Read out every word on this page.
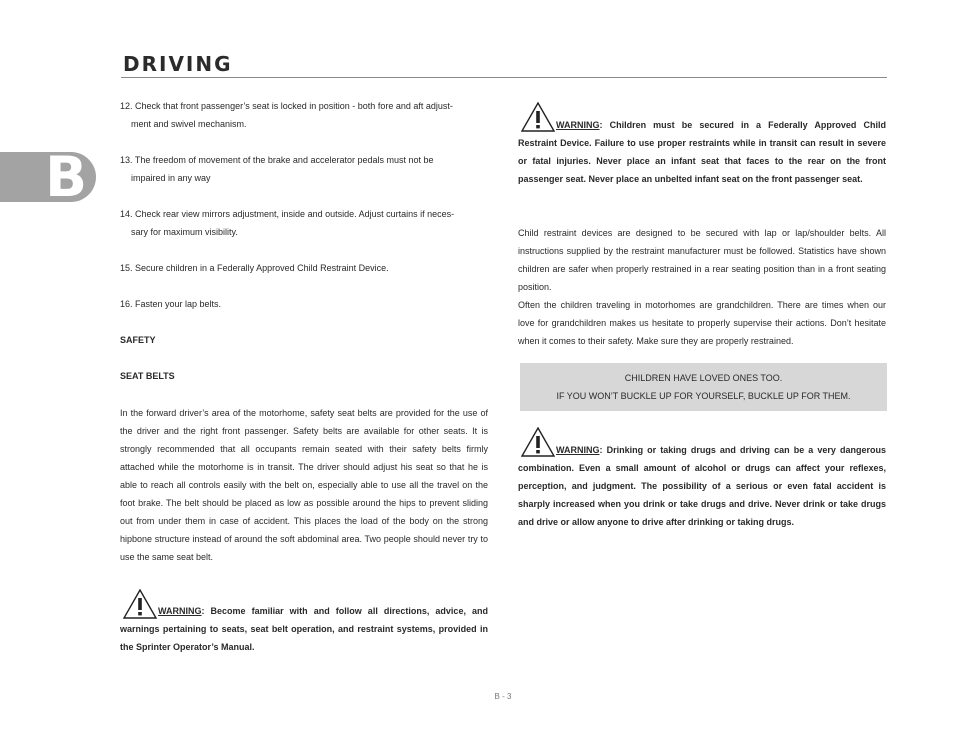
DRIVING
B
12. Check that front passenger’s seat is locked in position - both fore and aft adjust-
ment and swivel mechanism.
13. The freedom of movement of the brake and accelerator pedals must not be
impaired in any way
14. Check rear view mirrors adjustment, inside and outside. Adjust curtains if neces-
sary for maximum visibility.
15. Secure children in a Federally Approved Child Restraint Device.
16. Fasten your lap belts.
SAFETY
SEAT BELTS
In the forward driver’s area of the motorhome, safety seat belts are provided for the use of the driver and the right front passenger. Safety belts are available for other seats. It is strongly recommended that all occupants remain seated with their safety belts firmly attached while the motorhome is in transit. The driver should adjust his seat so that he is able to reach all controls easily with the belt on, especially able to use all the travel on the foot brake. The belt should be placed as low as possible around the hips to prevent sliding out from under them in case of accident. This places the load of the body on the strong hipbone structure instead of around the soft abdominal area. Two people should never try to use the same seat belt.
WARNING: Become familiar with and follow all directions, advice, and warnings pertaining to seats, seat belt operation, and restraint systems, provided in the Sprinter Operator’s Manual.
WARNING: Children must be secured in a Federally Approved Child Restraint Device. Failure to use proper restraints while in transit can result in severe or fatal injuries. Never place an infant seat that faces to the rear on the front passenger seat. Never place an unbelted infant seat on the front passenger seat.
Child restraint devices are designed to be secured with lap or lap/shoulder belts. All instructions supplied by the restraint manufacturer must be followed. Statistics have shown children are safer when properly restrained in a rear seating position than in a front seating position.
Often the children traveling in motorhomes are grandchildren. There are times when our love for grandchildren makes us hesitate to properly supervise their actions. Don’t hesitate when it comes to their safety. Make sure they are properly restrained.
CHILDREN HAVE LOVED ONES TOO.
IF YOU WON’T BUCKLE UP FOR YOURSELF, BUCKLE UP FOR THEM.
WARNING: Drinking or taking drugs and driving can be a very dangerous combination. Even a small amount of alcohol or drugs can affect your reflexes, perception, and judgment. The possibility of a serious or even fatal accident is sharply increased when you drink or take drugs and drive. Never drink or take drugs and drive or allow anyone to drive after drinking or taking drugs.
B - 3
